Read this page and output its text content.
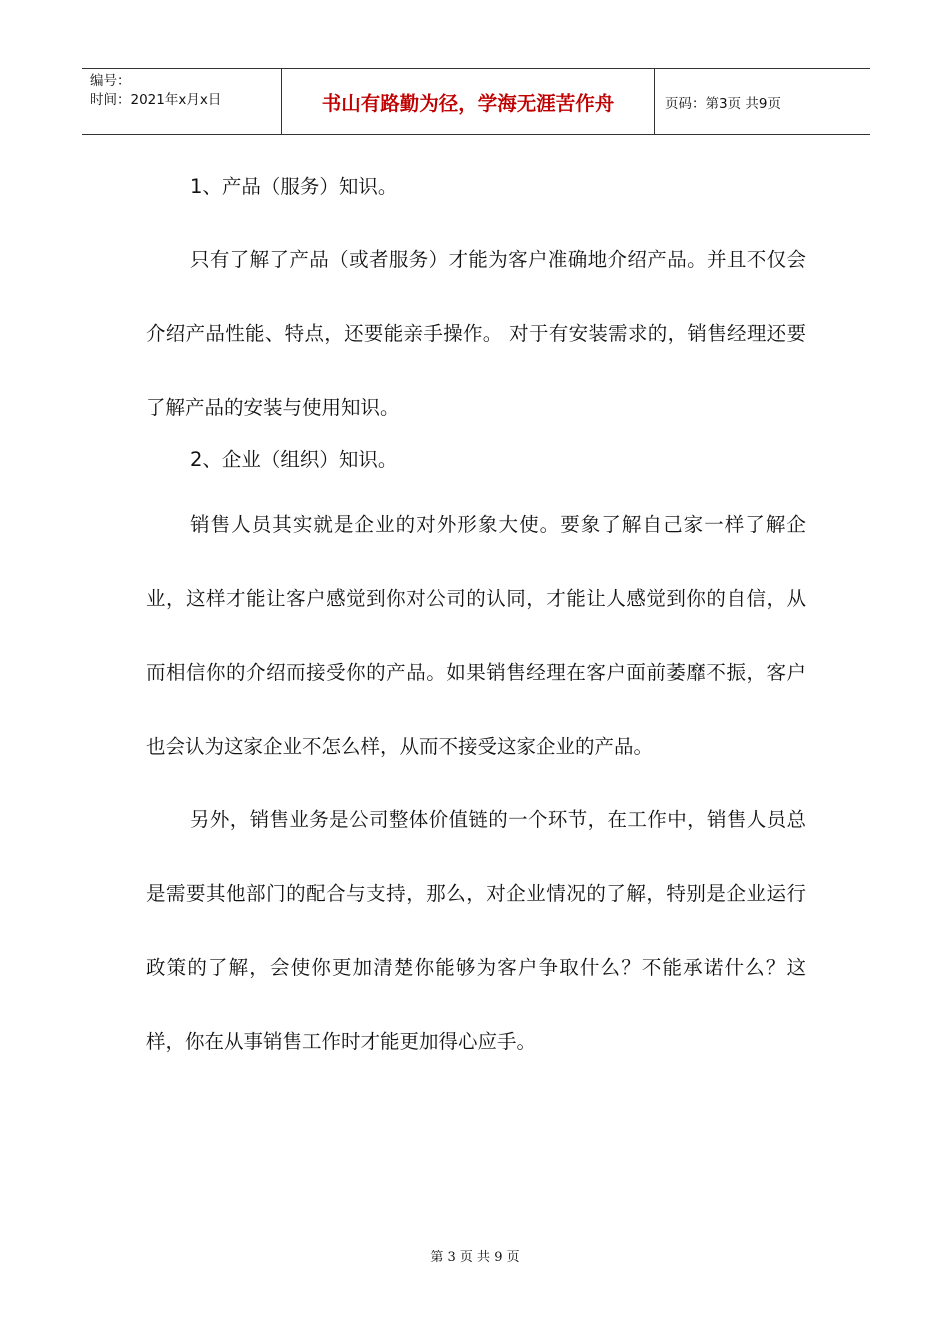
编号：
时间：2021年x月x日	书山有路勤为径，学海无涯苦作舟	页码：第3页 共9页

1、产品（服务）知识。

只有了解了产品（或者服务）才能为客户准确地介绍产品。并且不仅会介绍产品性能、特点，还要能亲手操作。 对于有安装需求的，销售经理还要了解产品的安装与使用知识。

2、企业（组织）知识。

销售人员其实就是企业的对外形象大使。要象了解自己家一样了解企业，这样才能让客户感觉到你对公司的认同，才能让人感觉到你的自信，从而相信你的介绍而接受你的产品。如果销售经理在客户面前萎靡不振，客户也会认为这家企业不怎么样，从而不接受这家企业的产品。

另外，销售业务是公司整体价值链的一个环节，在工作中，销售人员总是需要其他部门的配合与支持，那么，对企业情况的了解，特别是企业运行政策的了解，会使你更加清楚你能够为客户争取什么？不能承诺什么？这样，你在从事销售工作时才能更加得心应手。

第 3 页 共 9 页
